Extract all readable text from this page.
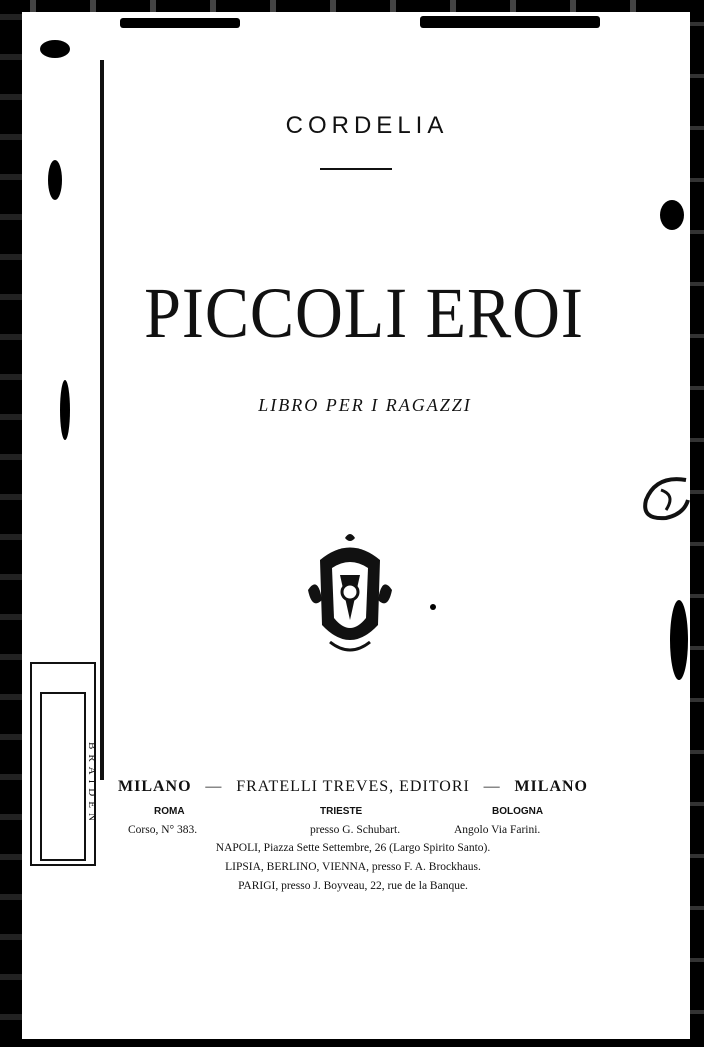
BRAIDEN
CORDELIA
PICCOLI EROI
LIBRO PER I RAGAZZI
MILANO — FRATELLI TREVES, EDITORI — MILANO
ROMA	TRIESTE	BOLOGNA
Corso, N° 383.	presso G. Schubart.	Angolo Via Farini.
NAPOLI, Piazza Sette Settembre, 26 (Largo Spirito Santo).
LIPSIA, BERLINO, VIENNA, presso F. A. Brockhaus.
PARIGI, presso J. Boyveau, 22, rue de la Banque.
